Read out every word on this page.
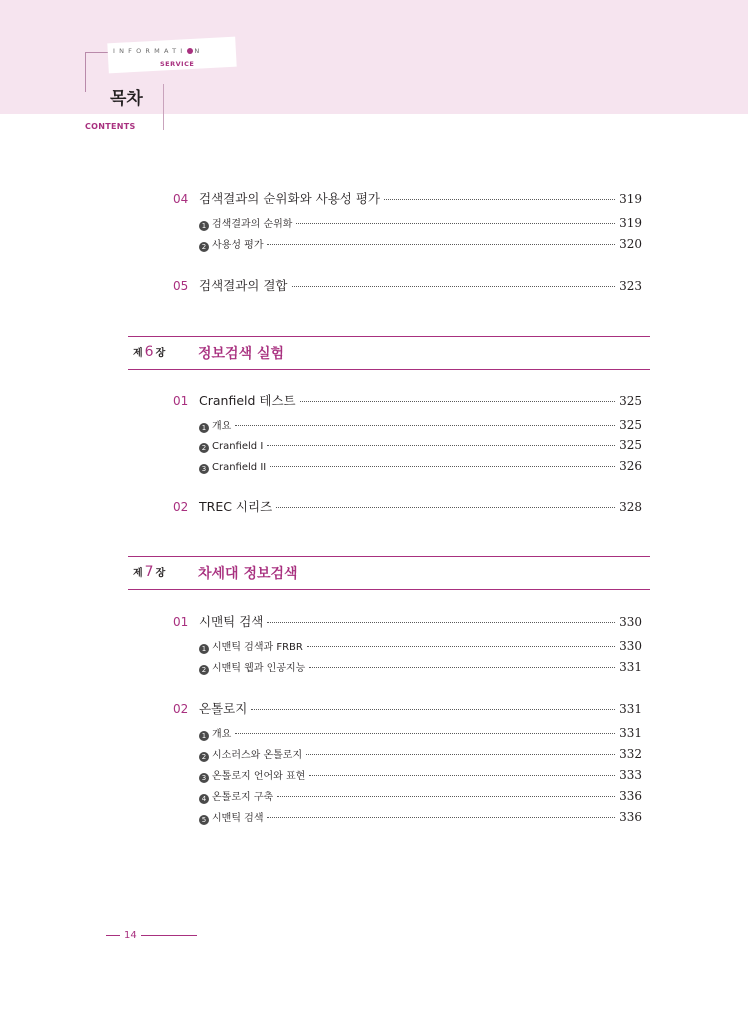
INFORMATI N
SERVICE
목차
CONTENTS
04 검색결과의 순위화와 사용성 평가	319
1 검색결과의 순위화	319
2 사용성 평가	320
05 검색결과의 결합	323
제 6 장 정보검색 실험
01 Cranfield 테스트	325
1 개요	325
2 Cranfield I	325
3 Cranfield II	326
02 TREC 시리즈	328
제 7 장 차세대 정보검색
01 시맨틱 검색	330
1 시맨틱 검색과 FRBR	330
2 시맨틱 웹과 인공지능	331
02 온톨로지	331
1 개요	331
2 시소러스와 온톨로지	332
3 온톨로지 언어와 표현	333
4 온톨로지 구축	336
5 시맨틱 검색	336
14
